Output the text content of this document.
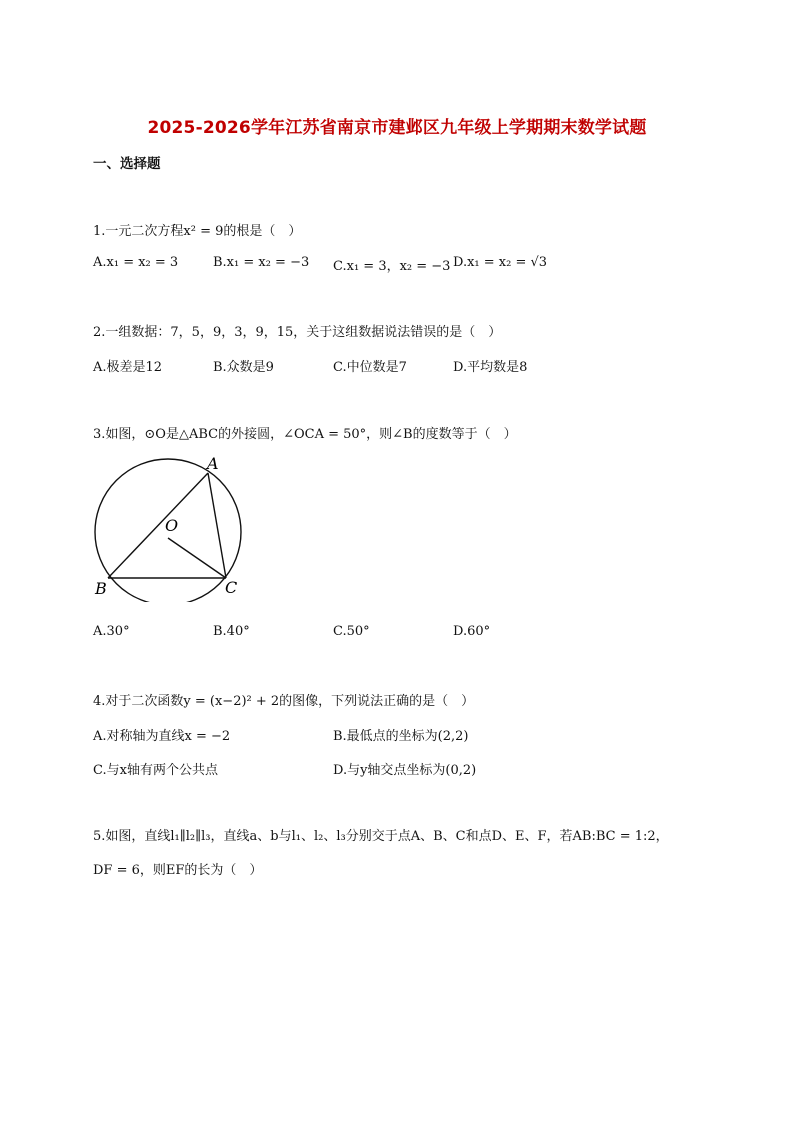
2025-2026学年江苏省南京市建邺区九年级上学期期末数学试题
一、选择题
1.一元二次方程x² = 9的根是（　）
A.x₁ = x₂ = 3	B.x₁ = x₂ = −3 C.x₁ = 3，x₂ = −3 D.x₁ = x₂ = √3
2.一组数据：7，5，9，3，9，15，关于这组数据说法错误的是（　）
A.极差是12	B.众数是9	C.中位数是7	D.平均数是8
3.如图，⊙O是△ABC的外接圆，∠OCA = 50°，则∠B的度数等于（　）
A
B	C
O
A.30°	B.40°	C.50°	D.60°
4.对于二次函数y = (x−2)² + 2的图像，下列说法正确的是（　）
A.对称轴为直线x = −2	B.最低点的坐标为(2,2)
C.与x轴有两个公共点	D.与y轴交点坐标为(0,2)
5.如图，直线l₁∥l₂∥l₃，直线a、b与l₁、l₂、l₃分别交于点A、B、C和点D、E、F，若AB:BC = 1:2，
DF = 6，则EF的长为（　）
